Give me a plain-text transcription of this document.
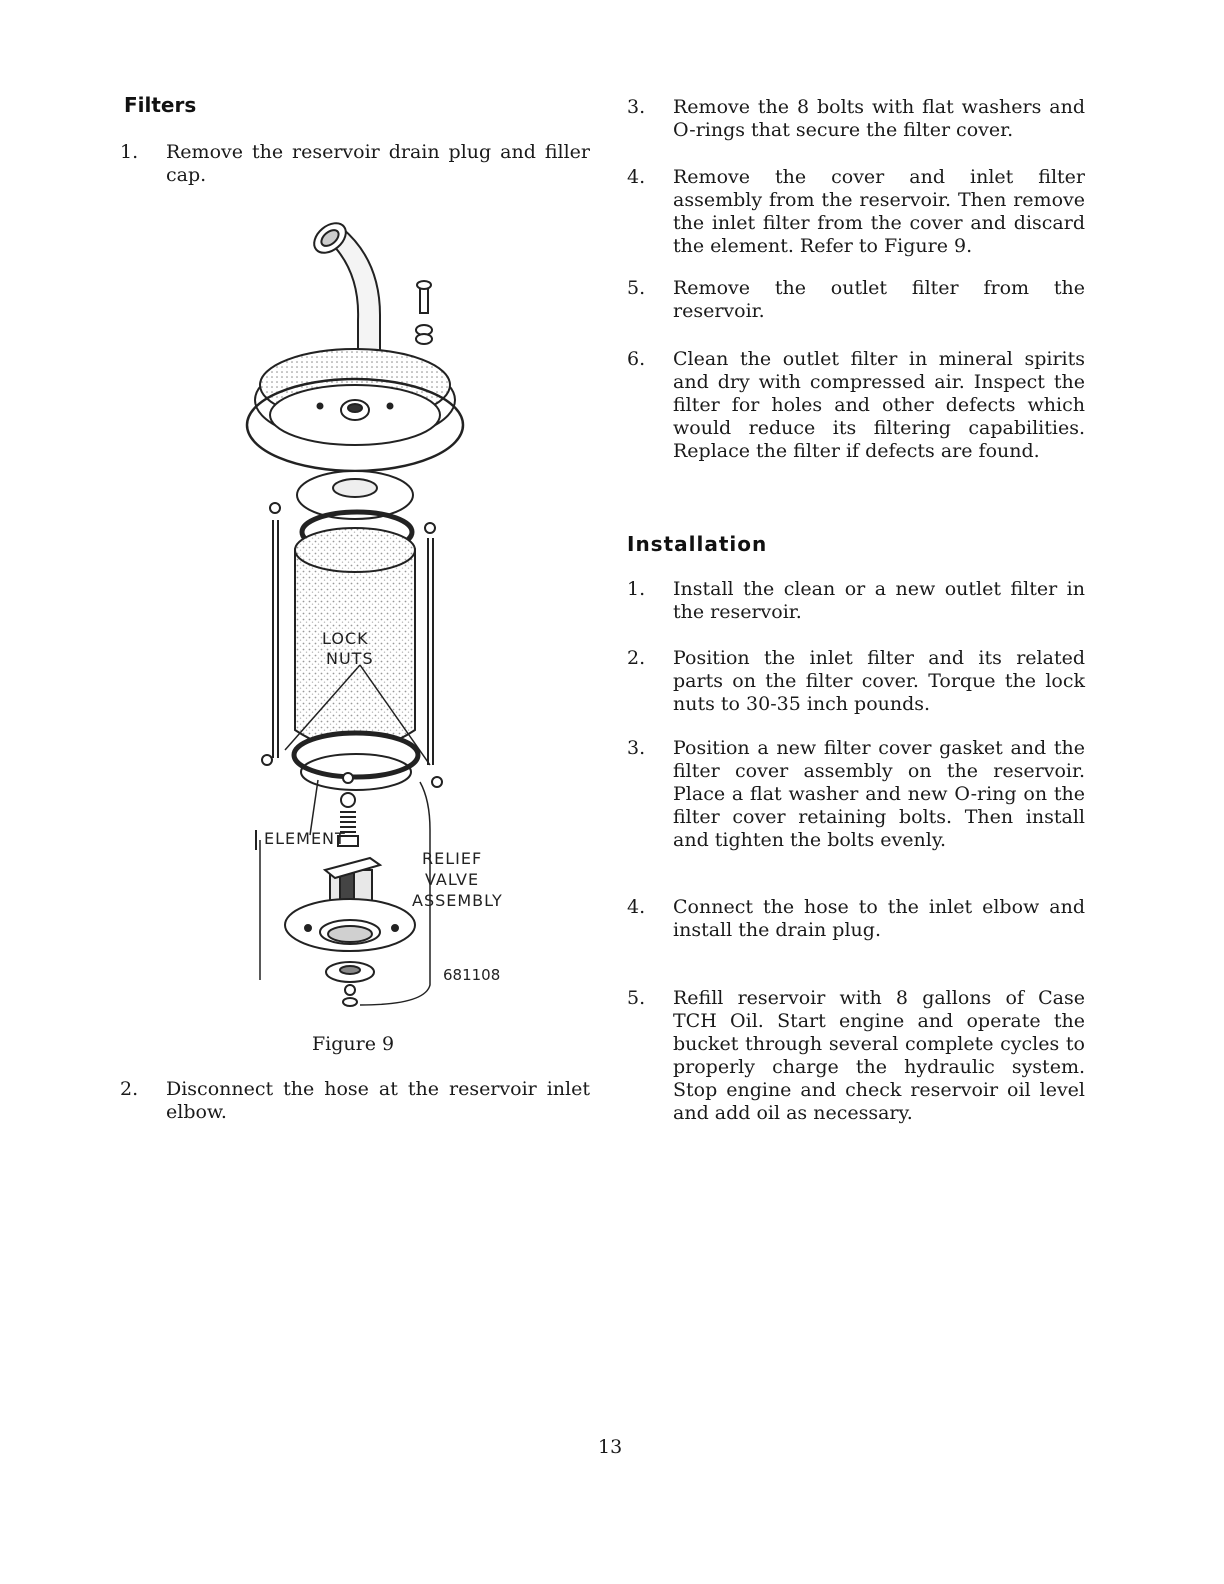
Filters
1. Remove the reservoir drain plug and filler cap.
LOCK
NUTS
ELEMENT
RELIEF
VALVE
ASSEMBLY
681108
Figure 9
2. Disconnect the hose at the reservoir inlet elbow.
3. Remove the 8 bolts with flat washers and O-rings that secure the filter cover.
4. Remove the cover and inlet filter assembly from the reservoir. Then remove the inlet filter from the cover and discard the element. Refer to Figure 9.
5. Remove the outlet filter from the reservoir.
6. Clean the outlet filter in mineral spirits and dry with compressed air. Inspect the filter for holes and other defects which would reduce its filtering capabilities. Replace the filter if defects are found.
Installation
1. Install the clean or a new outlet filter in the reservoir.
2. Position the inlet filter and its related parts on the filter cover. Torque the lock nuts to 30-35 inch pounds.
3. Position a new filter cover gasket and the filter cover assembly on the reservoir. Place a flat washer and new O-ring on the filter cover retaining bolts. Then install and tighten the bolts evenly.
4. Connect the hose to the inlet elbow and install the drain plug.
5. Refill reservoir with 8 gallons of Case TCH Oil. Start engine and operate the bucket through several complete cycles to properly charge the hydraulic system. Stop engine and check reservoir oil level and add oil as necessary.
13
